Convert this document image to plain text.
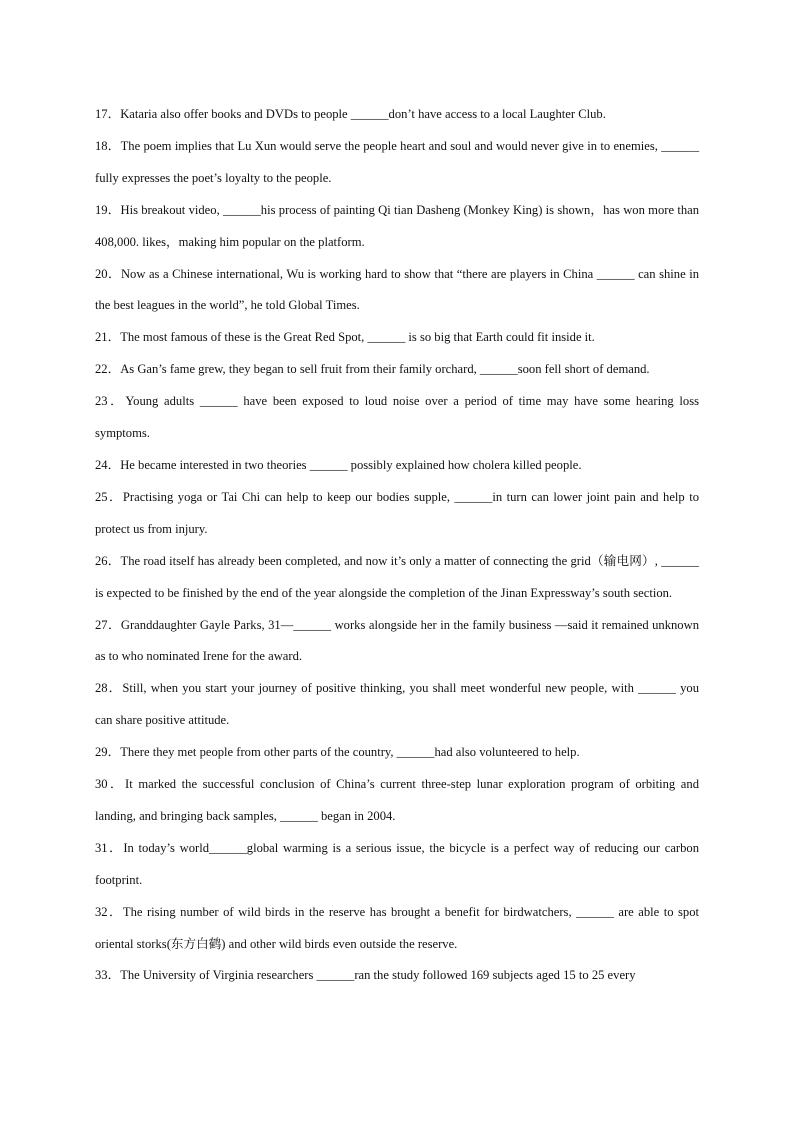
17．Kataria also offer books and DVDs to people ______don’t have access to a local Laughter Club.

18．The poem implies that Lu Xun would serve the people heart and soul and would never give in to enemies, ______ fully expresses the poet’s loyalty to the people.

19．His breakout video, ______his process of painting Qi tian Dasheng (Monkey King) is shown，has won more than 408,000. likes，making him popular on the platform.

20．Now as a Chinese international, Wu is working hard to show that “there are players in China ______ can shine in the best leagues in the world”, he told Global Times.

21．The most famous of these is the Great Red Spot, ______ is so big that Earth could fit inside it.

22．As Gan’s fame grew, they began to sell fruit from their family orchard, ______soon fell short of demand.

23．Young adults ______ have been exposed to loud noise over a period of time may have some hearing loss symptoms.

24．He became interested in two theories ______ possibly explained how cholera killed people.

25．Practising yoga or Tai Chi can help to keep our bodies supple, ______in turn can lower joint pain and help to protect us from injury.

26．The road itself has already been completed, and now it’s only a matter of connecting the grid（输电网）, ______ is expected to be finished by the end of the year alongside the completion of the Jinan Expressway’s south section.

27．Granddaughter Gayle Parks, 31—______ works alongside her in the family business —said it remained unknown as to who nominated Irene for the award.

28．Still, when you start your journey of positive thinking, you shall meet wonderful new people, with ______ you can share positive attitude.

29．There they met people from other parts of the country, ______had also volunteered to help.

30．It marked the successful conclusion of China’s current three-step lunar exploration program of orbiting and landing, and bringing back samples, ______ began in 2004.

31．In today’s world______global warming is a serious issue, the bicycle is a perfect way of reducing our carbon footprint.

32．The rising number of wild birds in the reserve has brought a benefit for birdwatchers, ______ are able to spot oriental storks(东方白鹤) and other wild birds even outside the reserve.

33．The University of Virginia researchers ______ran the study followed 169 subjects aged 15 to 25 every
